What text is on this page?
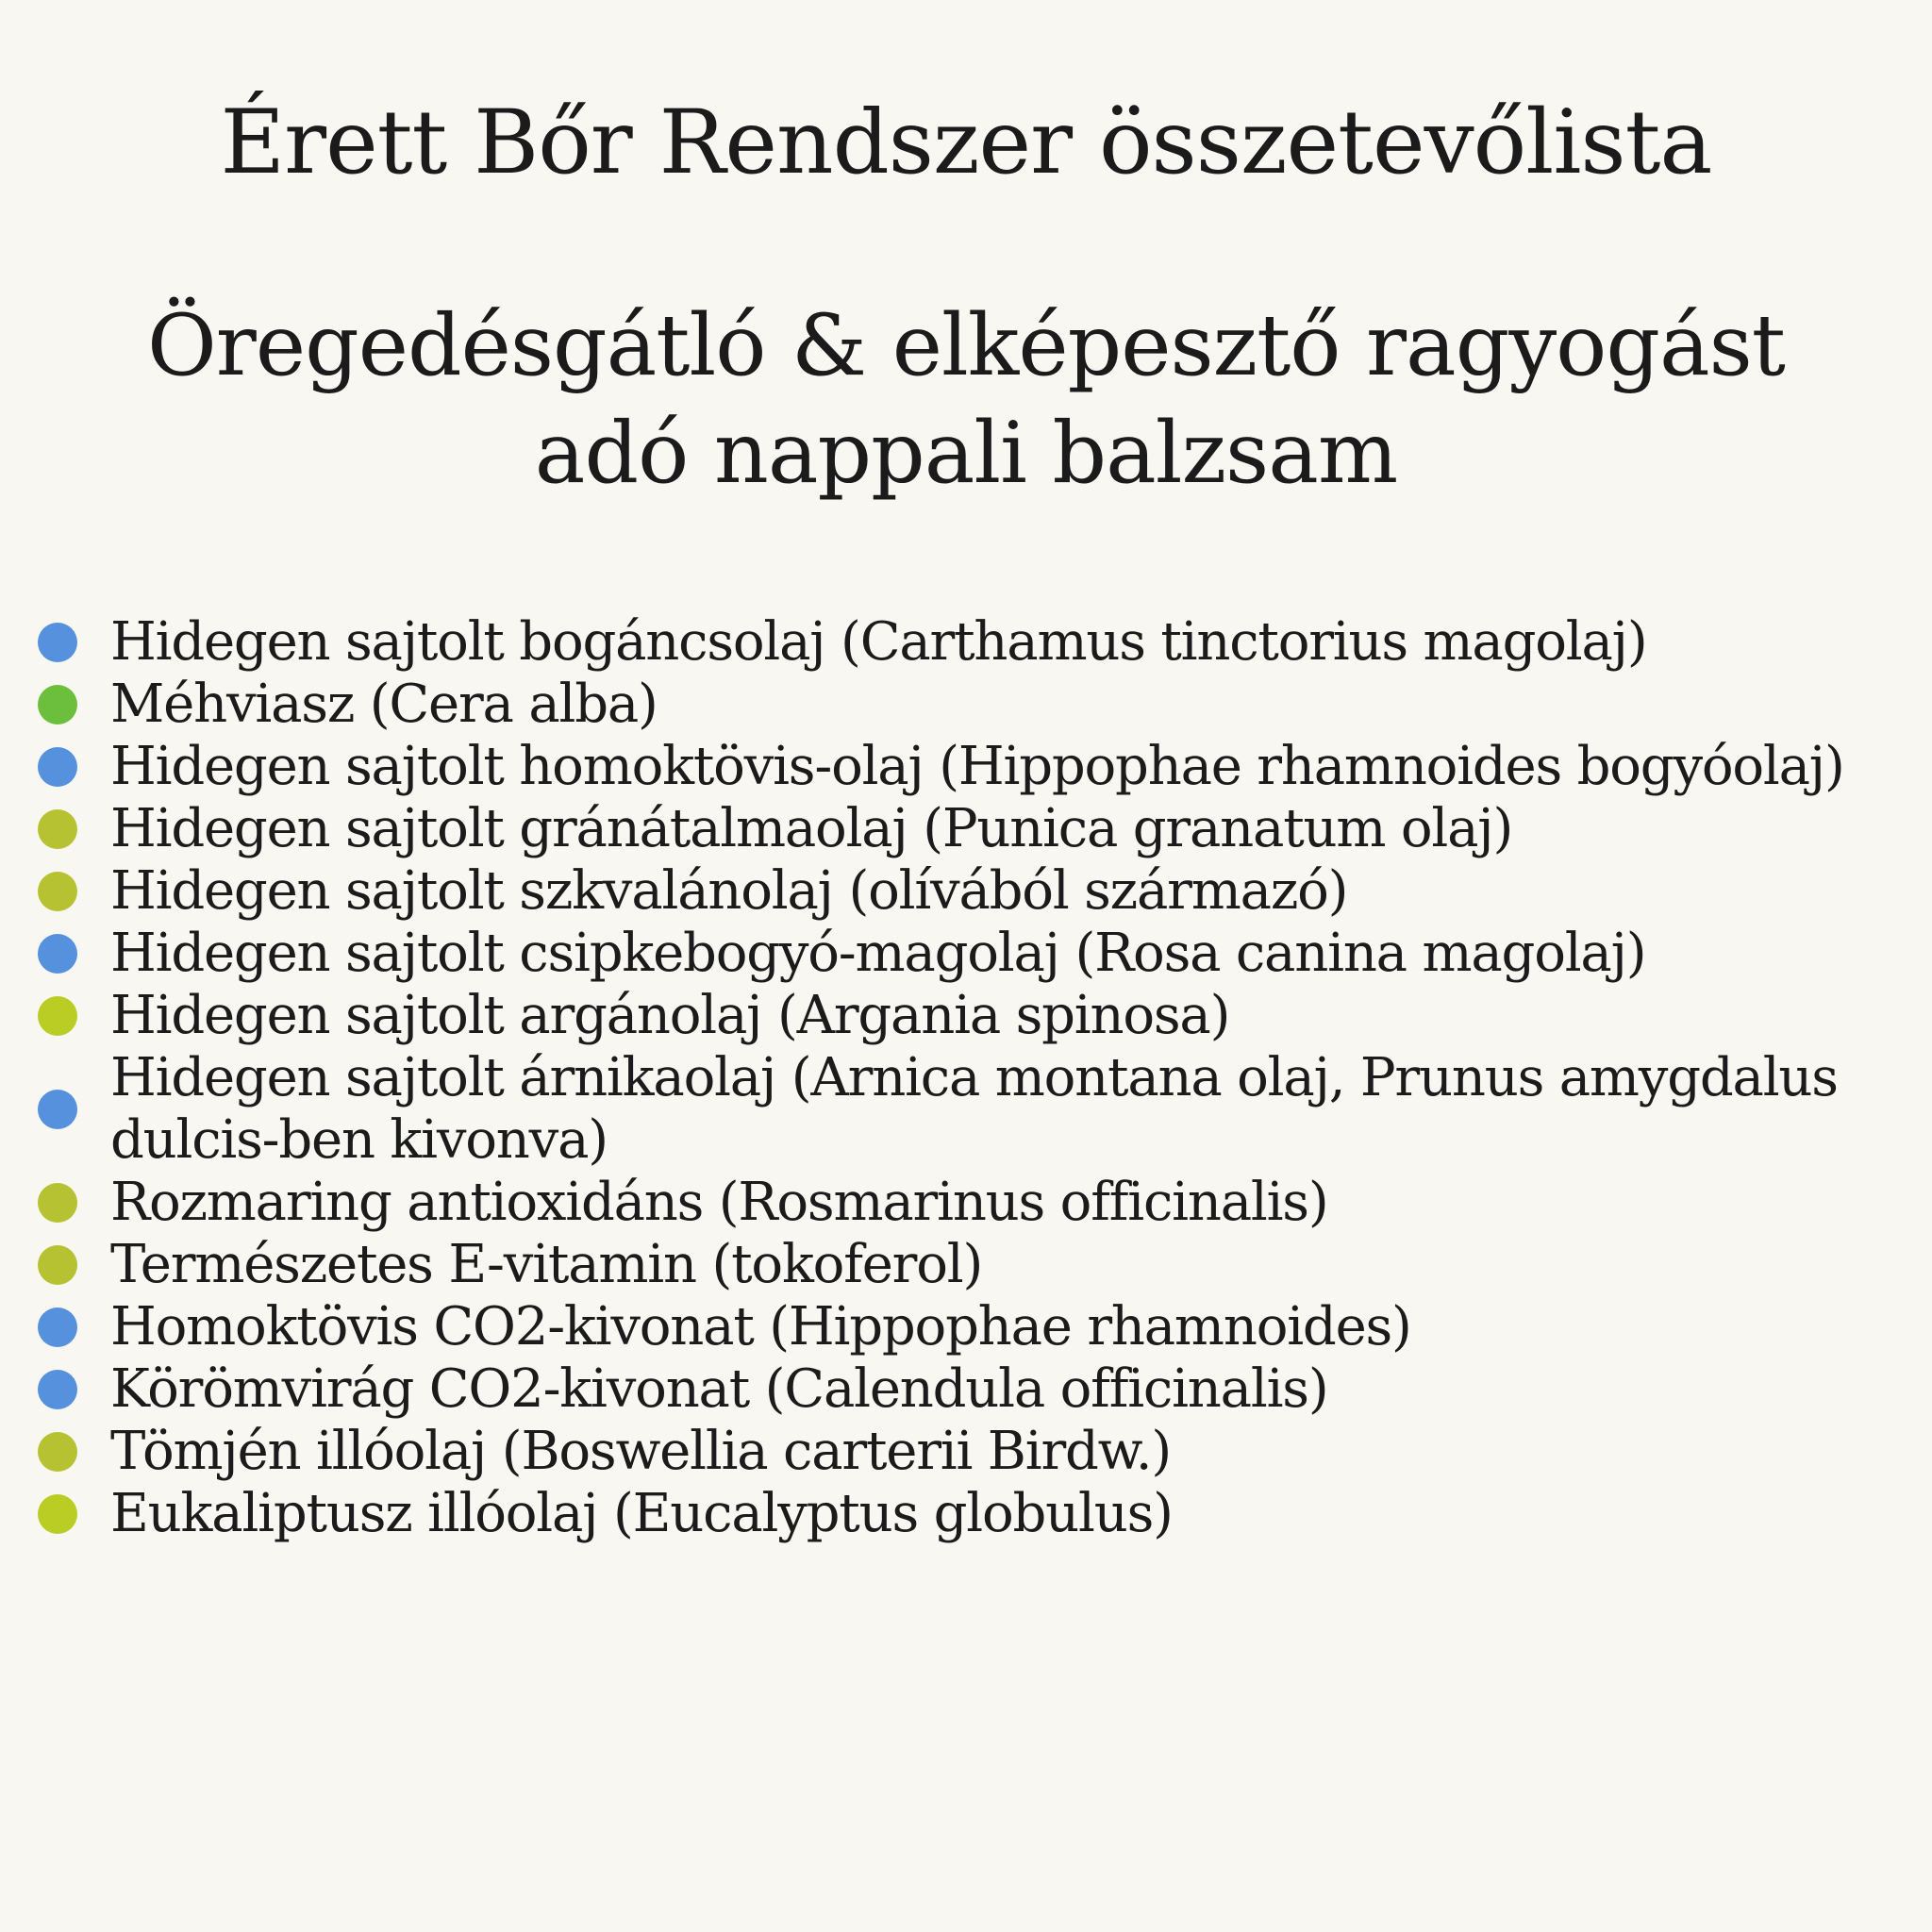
Érett Bőr Rendszer összetevőlista
Öregedésgátló & elképesztő ragyogást
adó nappali balzsam
Hidegen sajtolt bogáncsolaj (Carthamus tinctorius magolaj)
Méhviasz (Cera alba)
Hidegen sajtolt homoktövis-olaj (Hippophae rhamnoides bogyóolaj)
Hidegen sajtolt gránátalmaolaj (Punica granatum olaj)
Hidegen sajtolt szkvalánolaj (olívából származó)
Hidegen sajtolt csipkebogyó-magolaj (Rosa canina magolaj)
Hidegen sajtolt argánolaj (Argania spinosa)
Hidegen sajtolt árnikaolaj (Arnica montana olaj, Prunus amygdalus
dulcis-ben kivonva)
Rozmaring antioxidáns (Rosmarinus officinalis)
Természetes E-vitamin (tokoferol)
Homoktövis CO2-kivonat (Hippophae rhamnoides)
Körömvirág CO2-kivonat (Calendula officinalis)
Tömjén illóolaj (Boswellia carterii Birdw.)
Eukaliptusz illóolaj (Eucalyptus globulus)
